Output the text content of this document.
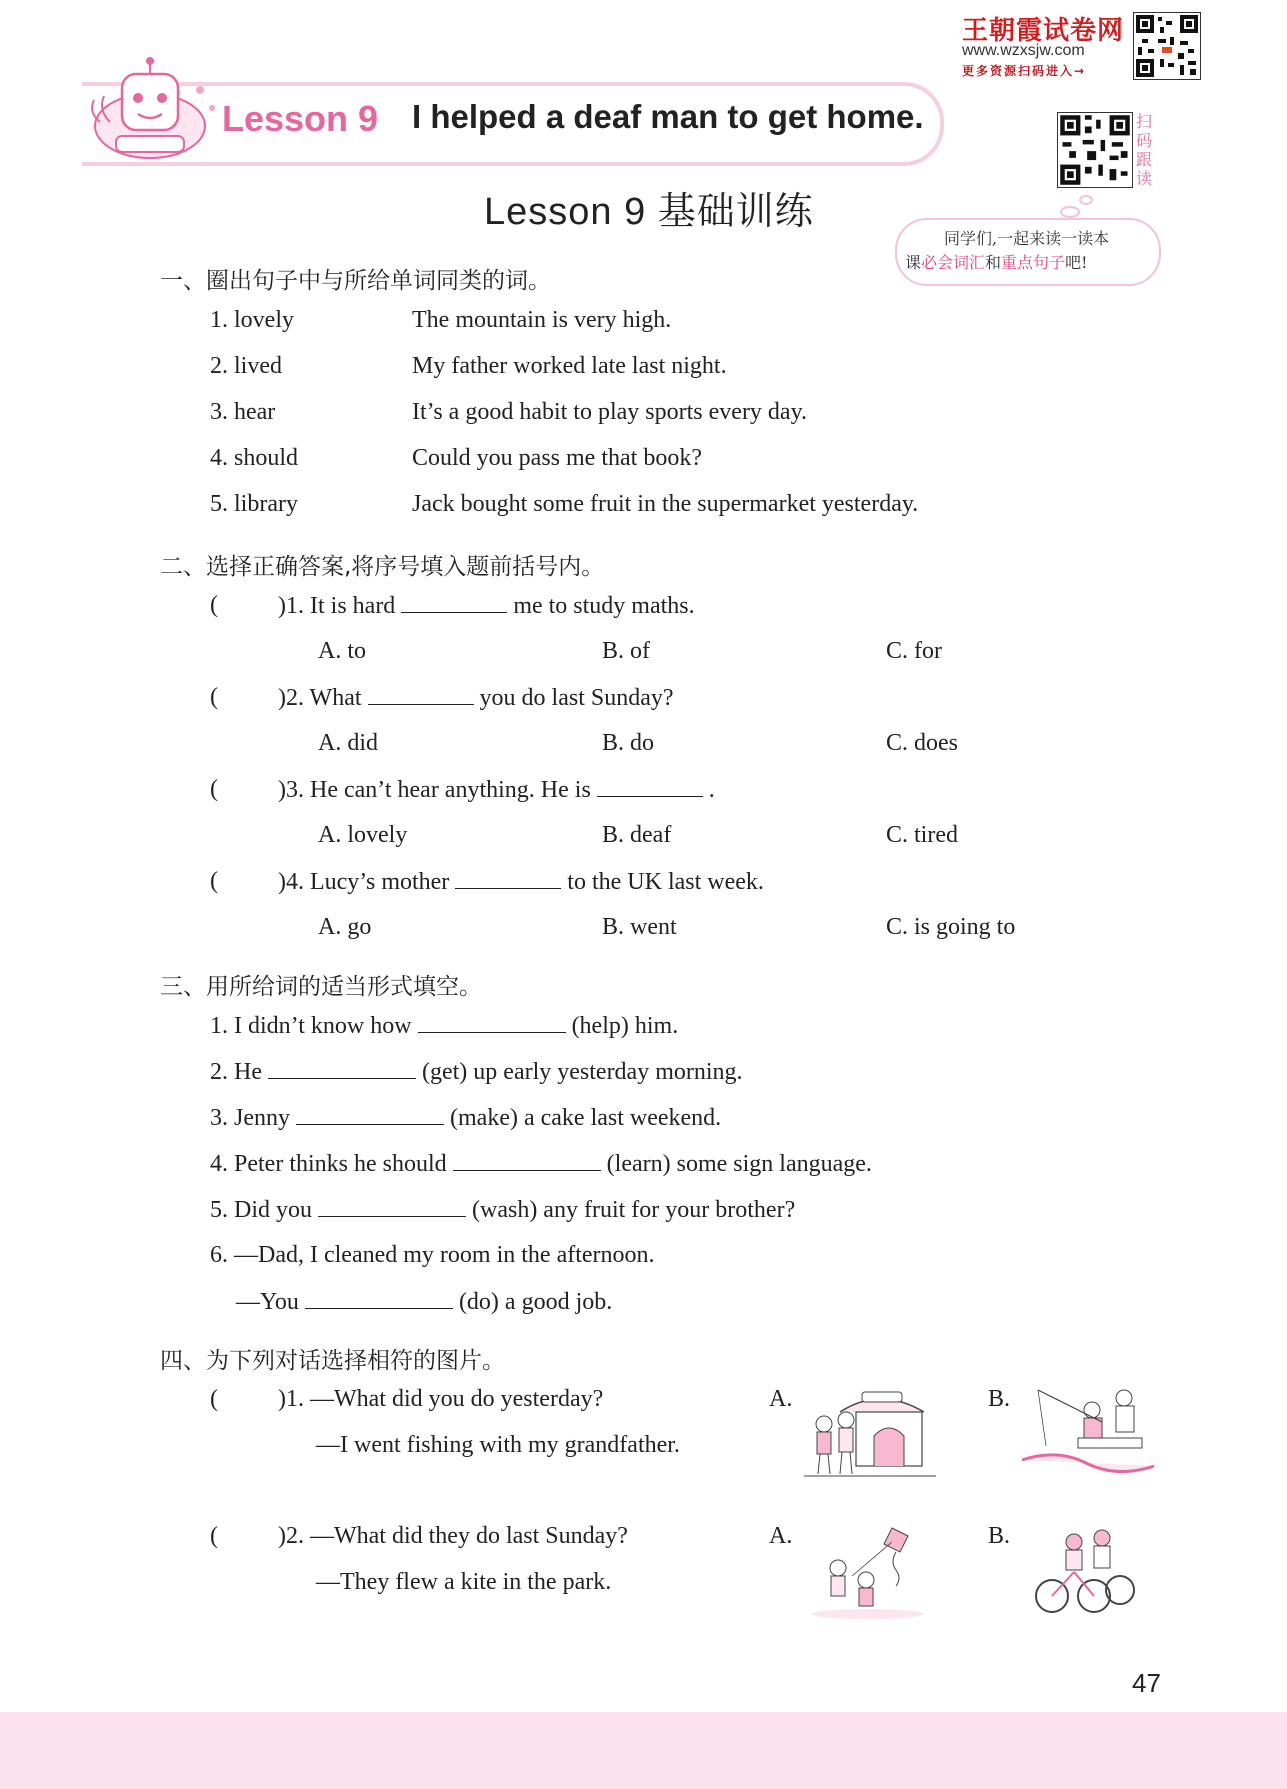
王朝霞试卷网
www.wzxsjw.com
更多资源扫码进入→
扫码跟读
Lesson 9 I helped a deaf man to get home.
Lesson 9 基础训练
同学们,一起来读一读本
课必会词汇和重点句子吧!
一、圈出句子中与所给单词同类的词。
1. lovely	The mountain is very high.
2. lived	My father worked late last night.
3. hear	It’s a good habit to play sports every day.
4. should	Could you pass me that book?
5. library	Jack bought some fruit in the supermarket yesterday.
二、选择正确答案,将序号填入题前括号内。
(	)1. It is hard	me to study maths.
A. to	B. of	C. for
(	)2. What	you do last Sunday?
A. did	B. do	C. does
(	)3. He can’t hear anything. He is	.
A. lovely	B. deaf	C. tired
(	)4. Lucy’s mother	to the UK last week.
A. go	B. went	C. is going to
三、用所给词的适当形式填空。
1. I didn’t know how	(help) him.
2. He	(get) up early yesterday morning.
3. Jenny	(make) a cake last weekend.
4. Peter thinks he should	(learn) some sign language.
5. Did you	(wash) any fruit for your brother?
6. —Dad, I cleaned my room in the afternoon.
—You	(do) a good job.
四、为下列对话选择相符的图片。
(	)1. —What did you do yesterday?
—I went fishing with my grandfather.
A.	B.
(	)2. —What did they do last Sunday?
—They flew a kite in the park.
A.	B.
47
